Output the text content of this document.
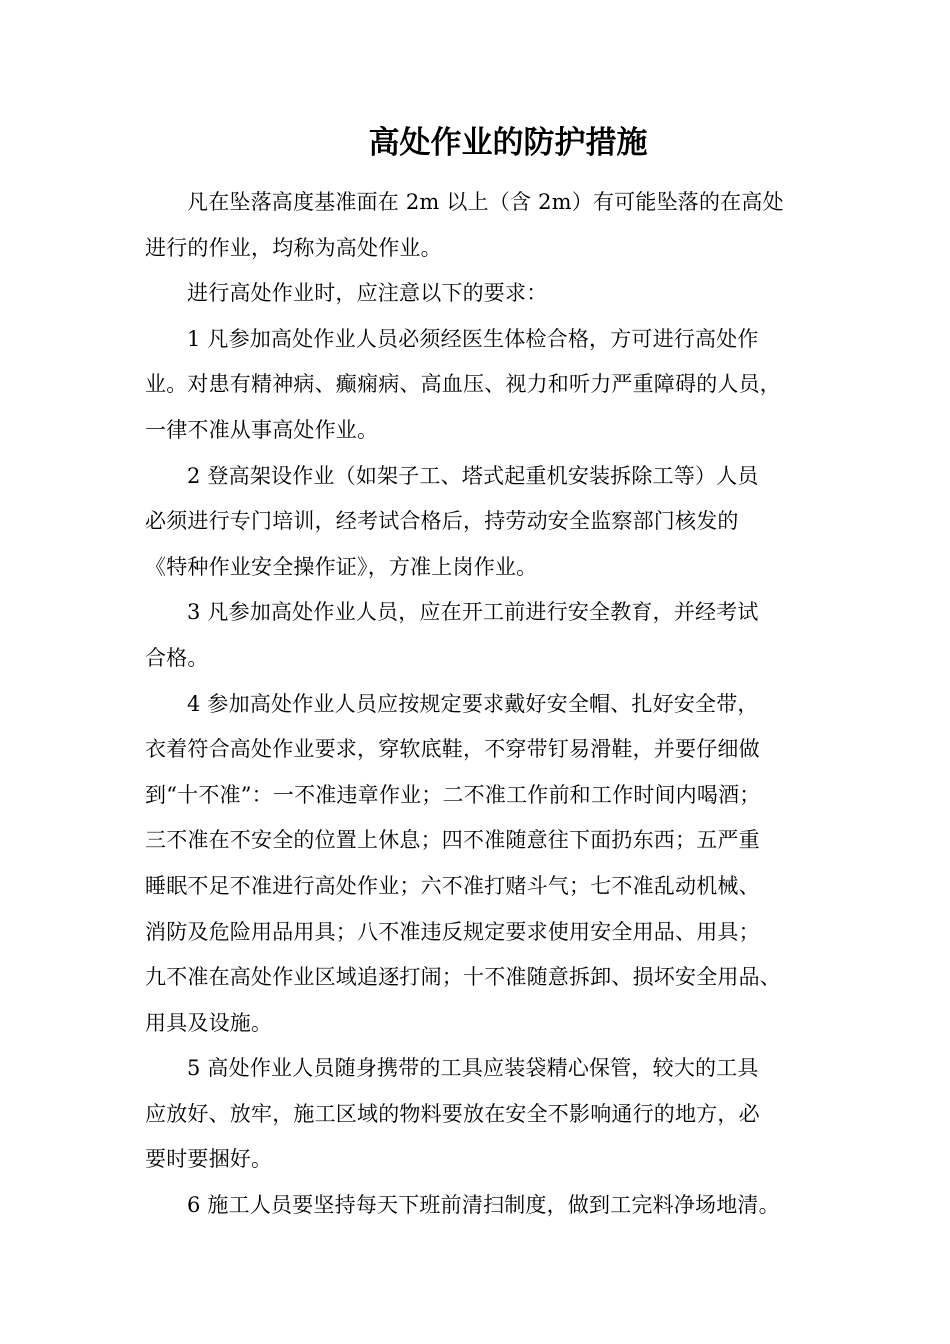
高处作业的防护措施

凡在坠落高度基准面在 2m 以上（含 2m）有可能坠落的在高处
进行的作业，均称为高处作业。

进行高处作业时，应注意以下的要求：

1 凡参加高处作业人员必须经医生体检合格，方可进行高处作
业。对患有精神病、癫痫病、高血压、视力和听力严重障碍的人员，
一律不准从事高处作业。

2 登高架设作业（如架子工、塔式起重机安装拆除工等）人员
必须进行专门培训，经考试合格后，持劳动安全监察部门核发的
《特种作业安全操作证》，方准上岗作业。

3 凡参加高处作业人员，应在开工前进行安全教育，并经考试
合格。

4 参加高处作业人员应按规定要求戴好安全帽、扎好安全带，
衣着符合高处作业要求，穿软底鞋，不穿带钉易滑鞋，并要仔细做
到“十不准”：一不准违章作业；二不准工作前和工作时间内喝酒；
三不准在不安全的位置上休息；四不准随意往下面扔东西；五严重
睡眠不足不准进行高处作业；六不准打赌斗气；七不准乱动机械、
消防及危险用品用具；八不准违反规定要求使用安全用品、用具；
九不准在高处作业区域追逐打闹；十不准随意拆卸、损坏安全用品、
用具及设施。

5 高处作业人员随身携带的工具应装袋精心保管，较大的工具
应放好、放牢，施工区域的物料要放在安全不影响通行的地方，必
要时要捆好。

6 施工人员要坚持每天下班前清扫制度，做到工完料净场地清。
